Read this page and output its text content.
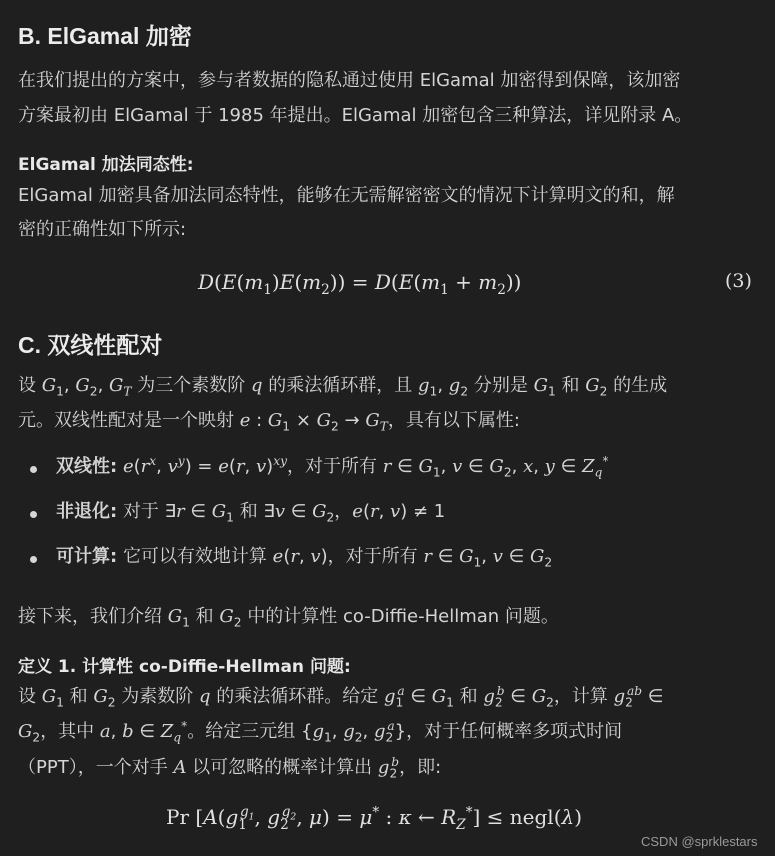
B. ElGamal 加密
在我们提出的方案中，参与者数据的隐私通过使用 ElGamal 加密得到保障，该加密
方案最初由 ElGamal 于 1985 年提出。ElGamal 加密包含三种算法，详见附录 A。
ElGamal 加法同态性:
ElGamal 加密具备加法同态特性，能够在无需解密密文的情况下计算明文的和，解
密的正确性如下所示:
$D(E(m_1)E(m_2)) = D(E(m_1 + m_2))$	(3)
C. 双线性配对
设 $G_1$, $G_2$, $G_T$ 为三个素数阶 q 的乘法循环群，且 $g_1$, $g_2$ 分别是 $G_1$ 和 $G_2$ 的生成
元。双线性配对是一个映射 e : $G_1 \times G_2 \to G_T$，具有以下属性:
双线性: $e(r^x$, $v^y) = e(r$, v)$^{xy}$，对于所有 r ∈ $G_1$, v ∈ $G_2$, x, y ∈ $Z_q^*$
非退化: 对于 ∃r ∈ $G_1$ 和 ∃v ∈ $G_2$，e(r, v) ≠ 1
可计算: 它可以有效地计算 e(r, v)，对于所有 r ∈ $G_1$, v ∈ $G_2$
接下来，我们介绍 $G_1$ 和 $G_2$ 中的计算性 co-Diffie-Hellman 问题。
定义 1. 计算性 co-Diffie-Hellman 问题:
设 $G_1$ 和 $G_2$ 为素数阶 q 的乘法循环群。给定 $g_1^a$ ∈ $G_1$ 和 $g_2^b$ ∈ $G_2$，计算 $g_2^{ab}$ ∈
$G_2$，其中 a, b ∈ $Z_q^*$。给定三元组 {$g_1$, $g_2$, $g_2^a$}，对于任何概率多项式时间
（PPT），一个对手 A 以可忽略的概率计算出 $g_2^b$，即:
Pr [$A(g_1^{g_1}$, $g_2^{g_2}$, μ) = μ* : κ ← $R_Z^*$] ≤ negl(λ)
CSDN @sprklestars
